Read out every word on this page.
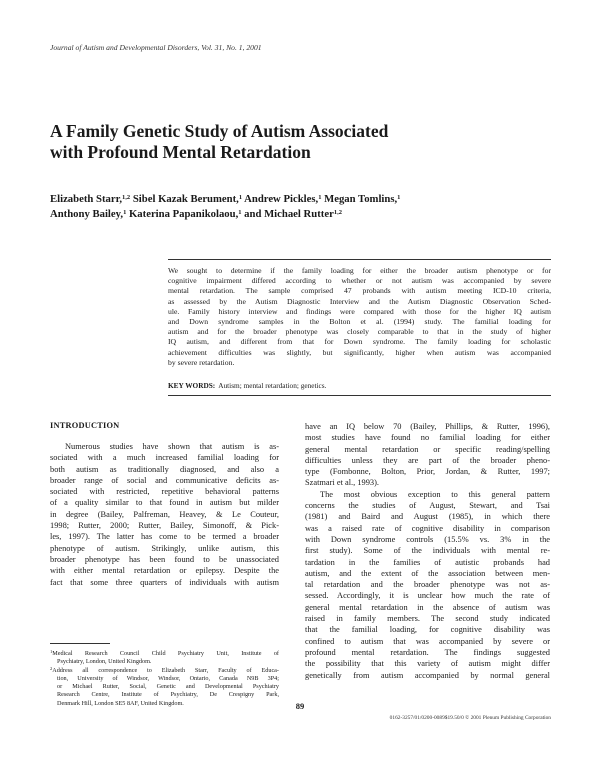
Journal of Autism and Developmental Disorders, Vol. 31, No. 1, 2001
A Family Genetic Study of Autism Associated
with Profound Mental Retardation
Elizabeth Starr,$^{1,2}$ Sibel Kazak Berument,$^1$ Andrew Pickles,$^1$ Megan Tomlins,$^1$
Anthony Bailey,$^1$ Katerina Papanikolaou,$^1$ and Michael Rutter$^{1,2}$
We sought to determine if the family loading for either the broader autism phenotype or for
cognitive impairment differed according to whether or not autism was accompanied by severe
mental retardation. The sample comprised 47 probands with autism meeting ICD-10 criteria,
as assessed by the Autism Diagnostic Interview and the Autism Diagnostic Observation Sched-
ule. Family history interview and findings were compared with those for the higher IQ autism
and Down syndrome samples in the Bolton et al. (1994) study. The familial loading for
autism and for the broader phenotype was closely comparable to that in the study of higher
IQ autism, and different from that for Down syndrome. The family loading for scholastic
achievement difficulties was slightly, but significantly, higher when autism was accompanied
by severe retardation.
KEY WORDS: Autism; mental retardation; genetics.
INTRODUCTION
Numerous studies have shown that autism is as-
sociated with a much increased familial loading for
both autism as traditionally diagnosed, and also a
broader range of social and communicative deficits as-
sociated with restricted, repetitive behavioral patterns
of a quality similar to that found in autism but milder
in degree (Bailey, Palfreman, Heavey, & Le Couteur,
1998; Rutter, 2000; Rutter, Bailey, Simonoff, & Pick-
les, 1997). The latter has come to be termed a broader
phenotype of autism. Strikingly, unlike autism, this
broader phenotype has been found to be unassociated
with either mental retardation or epilepsy. Despite the
fact that some three quarters of individuals with autism
$^1$Medical Research Council Child Psychiatry Unit, Institute of
Psychiatry, London, United Kingdom.
$^2$Address all correspondence to Elizabeth Starr, Faculty of Educa-
tion, University of Windsor, Windsor, Ontario, Canada N9B 3P4;
or Michael Rutter, Social, Genetic and Developmental Psychiatry
Research Centre, Institute of Psychiatry, De Crespigny Park,
Denmark Hill, London SE5 8AF, United Kingdom.
have an IQ below 70 (Bailey, Phillips, & Rutter, 1996),
most studies have found no familial loading for either
general mental retardation or specific reading/spelling
difficulties unless they are part of the broader pheno-
type (Fombonne, Bolton, Prior, Jordan, & Rutter, 1997;
Szatmari et al., 1993).
The most obvious exception to this general pattern
concerns the studies of August, Stewart, and Tsai
(1981) and Baird and August (1985), in which there
was a raised rate of cognitive disability in comparison
with Down syndrome controls (15.5% vs. 3% in the
first study). Some of the individuals with mental re-
tardation in the families of autistic probands had
autism, and the extent of the association between men-
tal retardation and the broader phenotype was not as-
sessed. Accordingly, it is unclear how much the rate of
general mental retardation in the absence of autism was
raised in family members. The second study indicated
that the familial loading, for cognitive disability was
confined to autism that was accompanied by severe or
profound mental retardation. The findings suggested
the possibility that this variety of autism might differ
genetically from autism accompanied by normal general
89
0162-3257/01/0200-0089$19.50/0 © 2001 Plenum Publishing Corporation
